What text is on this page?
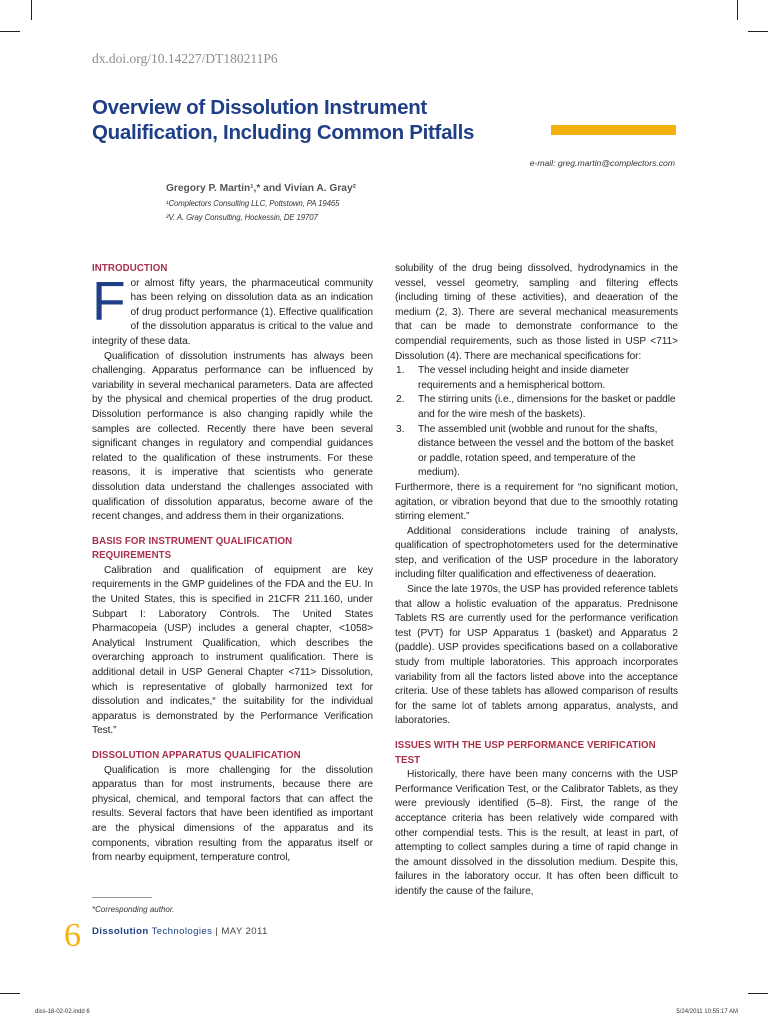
dx.doi.org/10.14227/DT180211P6
Overview of Dissolution Instrument Qualification, Including Common Pitfalls
e-mail: greg.martin@complectors.com
Gregory P. Martin¹,* and Vivian A. Gray²
¹Complectors Consulting LLC, Pottstown, PA 19465
²V. A. Gray Consulting, Hockessin, DE 19707
INTRODUCTION

For almost fifty years, the pharmaceutical community has been relying on dissolution data as an indication of drug product performance (1). Effective qualification of the dissolution apparatus is critical to the value and integrity of these data.

Qualification of dissolution instruments has always been challenging. Apparatus performance can be influenced by variability in several mechanical parameters. Data are affected by the physical and chemical properties of the drug product. Dissolution performance is also changing rapidly while the samples are collected. Recently there have been several significant changes in regulatory and compendial guidances related to the qualification of these instruments. For these reasons, it is imperative that scientists who generate dissolution data understand the challenges associated with qualification of dissolution apparatus, become aware of the recent changes, and address them in their organizations.

BASIS FOR INSTRUMENT QUALIFICATION REQUIREMENTS

Calibration and qualification of equipment are key requirements in the GMP guidelines of the FDA and the EU. In the United States, this is specified in 21CFR 211.160, under Subpart I: Laboratory Controls. The United States Pharmacopeia (USP) includes a general chapter, <1058> Analytical Instrument Qualification, which describes the overarching approach to instrument qualification. There is additional detail in USP General Chapter <711> Dissolution, which is representative of globally harmonized text for dissolution and indicates,“ the suitability for the individual apparatus is demonstrated by the Performance Verification Test.”

DISSOLUTION APPARATUS QUALIFICATION

Qualification is more challenging for the dissolution apparatus than for most instruments, because there are physical, chemical, and temporal factors that can affect the results. Several factors that have been identified as important are the physical dimensions of the apparatus and its components, vibration resulting from the apparatus itself or from nearby equipment, temperature control,

solubility of the drug being dissolved, hydrodynamics in the vessel, vessel geometry, sampling and filtering effects (including timing of these activities), and deaeration of the medium (2, 3). There are several mechanical measurements that can be made to demonstrate conformance to the compendial requirements, such as those listed in USP <711> Dissolution (4). There are mechanical specifications for:

1. The vessel including height and inside diameter requirements and a hemispherical bottom.
2. The stirring units (i.e., dimensions for the basket or paddle and for the wire mesh of the baskets).
3. The assembled unit (wobble and runout for the shafts, distance between the vessel and the bottom of the basket or paddle, rotation speed, and temperature of the medium).

Furthermore, there is a requirement for “no significant motion, agitation, or vibration beyond that due to the smoothly rotating stirring element.”

Additional considerations include training of analysts, qualification of spectrophotometers used for the determinative step, and verification of the USP procedure in the laboratory including filter qualification and effectiveness of deaeration.

Since the late 1970s, the USP has provided reference tablets that allow a holistic evaluation of the apparatus. Prednisone Tablets RS are currently used for the performance verification test (PVT) for USP Apparatus 1 (basket) and Apparatus 2 (paddle). USP provides specifications based on a collaborative study from multiple laboratories. This approach incorporates variability from all the factors listed above into the acceptance criteria. Use of these tablets has allowed comparison of results for the same lot of tablets among apparatus, analysts, and laboratories.

ISSUES WITH THE USP PERFORMANCE VERIFICATION TEST

Historically, there have been many concerns with the USP Performance Verification Test, or the Calibrator Tablets, as they were previously identified (5–8). First, the range of the acceptance criteria has been relatively wide compared with other compendial tests. This is the result, at least in part, of attempting to collect samples during a time of rapid change in the amount dissolved in the dissolution medium. Despite this, failures in the laboratory occur. It has often been difficult to identify the cause of the failure,

*Corresponding author.
6 Dissolution Technologies | MAY 2011
diss-18-02-02.indd 6	5/24/2011 10:55:17 AM
